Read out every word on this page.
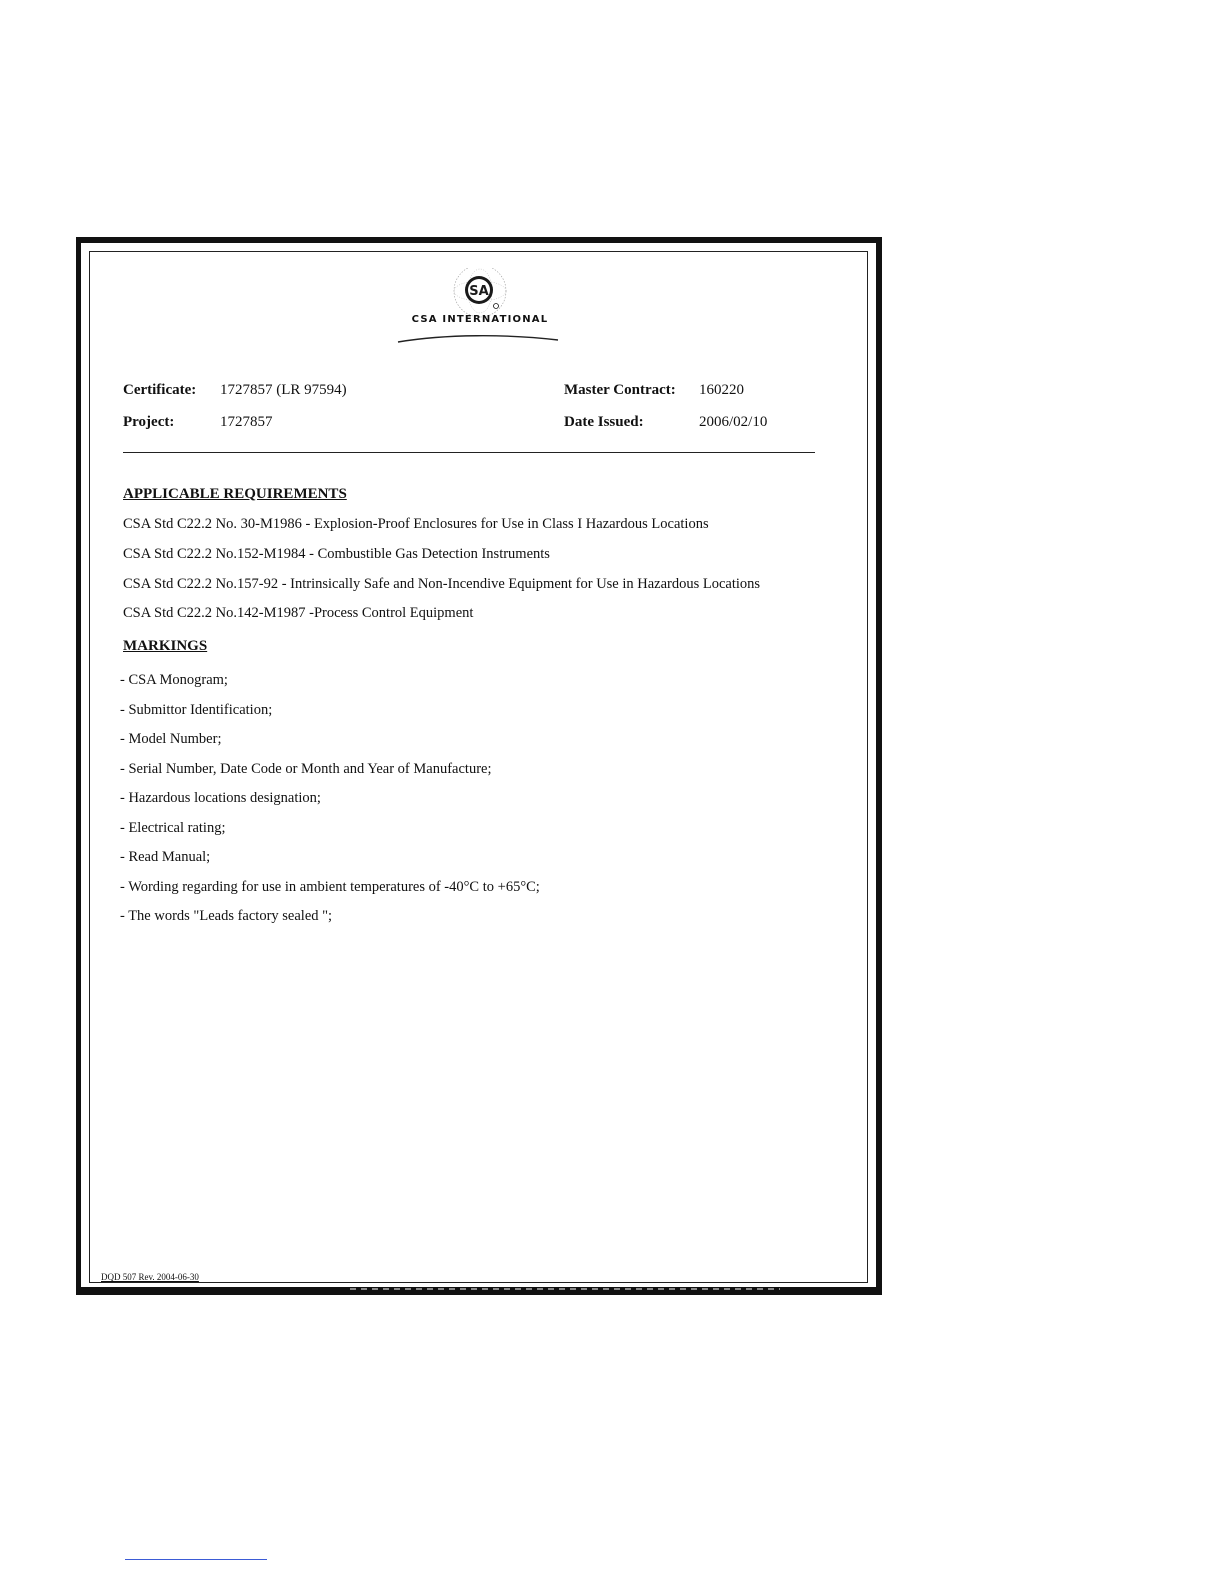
SA
CSA INTERNATIONAL
Certificate: 1727857 (LR 97594)	Master Contract: 160220
Project:	1727857	Date Issued:	2006/02/10
APPLICABLE REQUIREMENTS
CSA Std C22.2 No. 30-M1986 - Explosion-Proof Enclosures for Use in Class I Hazardous Locations
CSA Std C22.2 No.152-M1984 - Combustible Gas Detection Instruments
CSA Std C22.2 No.157-92 - Intrinsically Safe and Non-Incendive Equipment for Use in Hazardous Locations
CSA Std C22.2 No.142-M1987 -Process Control Equipment
MARKINGS
- CSA Monogram;
- Submittor Identification;
- Model Number;
- Serial Number, Date Code or Month and Year of Manufacture;
- Hazardous locations designation;
- Electrical rating;
- Read Manual;
- Wording regarding for use in ambient temperatures of -40°C to +65°C;
- The words "Leads factory sealed ";
DQD 507 Rev. 2004-06-30
